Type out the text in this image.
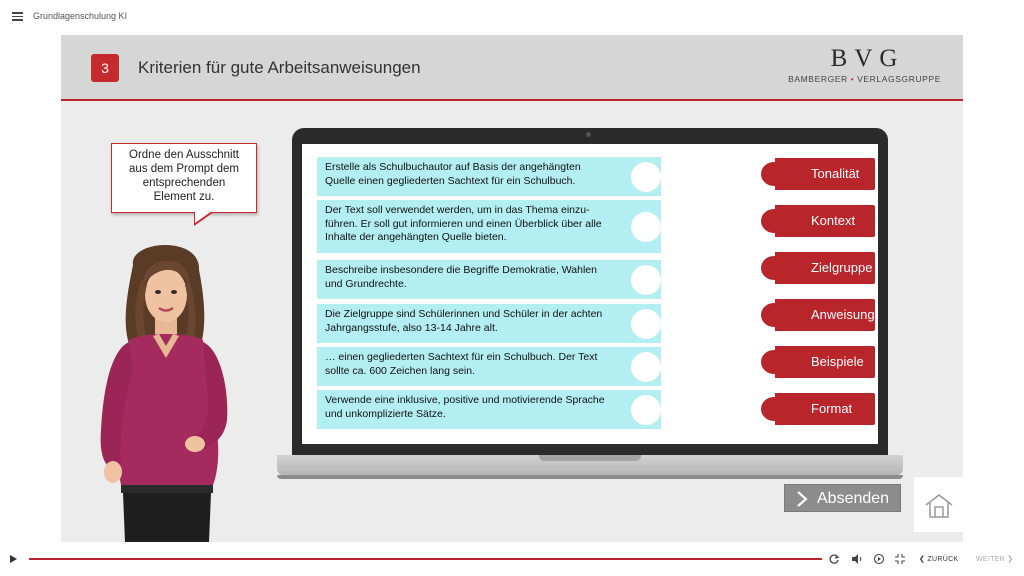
Grundlagenschulung KI
3	Kriterien für gute Arbeitsanweisungen	BVG
BAMBERGER • VERLAGSGRUPPE
Ordne den Ausschnitt
aus dem Prompt dem
entsprechenden
Element zu.
Erstelle als Schulbuchautor auf Basis der angehängten Quelle einen gegliederten Sachtext für ein Schulbuch.
Der Text soll verwendet werden, um in das Thema einzu-führen. Er soll gut informieren und einen Überblick über alle Inhalte der angehängten Quelle bieten.
Beschreibe insbesondere die Begriffe Demokratie, Wahlen und Grundrechte.
Die Zielgruppe sind Schülerinnen und Schüler in der achten Jahrgangsstufe, also 13-14 Jahre alt.
… einen gegliederten Sachtext für ein Schulbuch. Der Text sollte ca. 600 Zeichen lang sein.
Verwende eine inklusive, positive und motivierende Sprache und unkomplizierte Sätze.
Tonalität
Kontext
Zielgruppe
Anweisung
Beispiele
Format
Absenden
❮ ZURÜCK	WEITER ❯
